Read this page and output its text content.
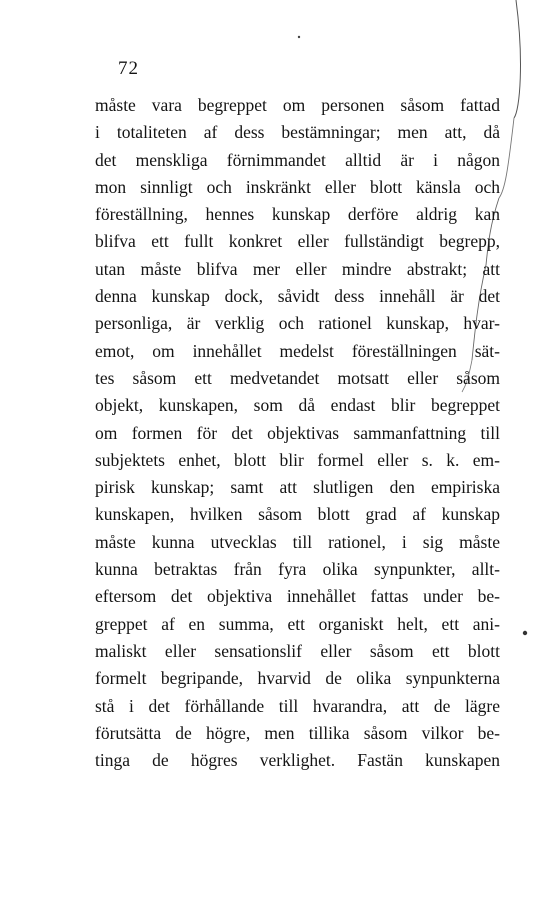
72
måste vara begreppet om personen såsom fattad
i totaliteten af dess bestämningar; men att, då
det menskliga förnimmandet alltid är i någon
mon sinnligt och inskränkt eller blott känsla och
föreställning, hennes kunskap derföre aldrig kan
blifva ett fullt konkret eller fullständigt begrepp,
utan måste blifva mer eller mindre abstrakt; att
denna kunskap dock, såvidt dess innehåll är det
personliga, är verklig och rationel kunskap, hvar-
emot, om innehållet medelst föreställningen sät-
tes såsom ett medvetandet motsatt eller såsom
objekt, kunskapen, som då endast blir begreppet
om formen för det objektivas sammanfattning till
subjektets enhet, blott blir formel eller s. k. em-
pirisk kunskap; samt att slutligen den empiriska
kunskapen, hvilken såsom blott grad af kunskap
måste kunna utvecklas till rationel, i sig måste
kunna betraktas från fyra olika synpunkter, allt-
eftersom det objektiva innehållet fattas under be-
greppet af en summa, ett organiskt helt, ett ani-
maliskt eller sensationslif eller såsom ett blott
formelt begripande, hvarvid de olika synpunkterna
stå i det förhållande till hvarandra, att de lägre
förutsätta de högre, men tillika såsom vilkor be-
tinga de högres verklighet. Fastän kunskapen
